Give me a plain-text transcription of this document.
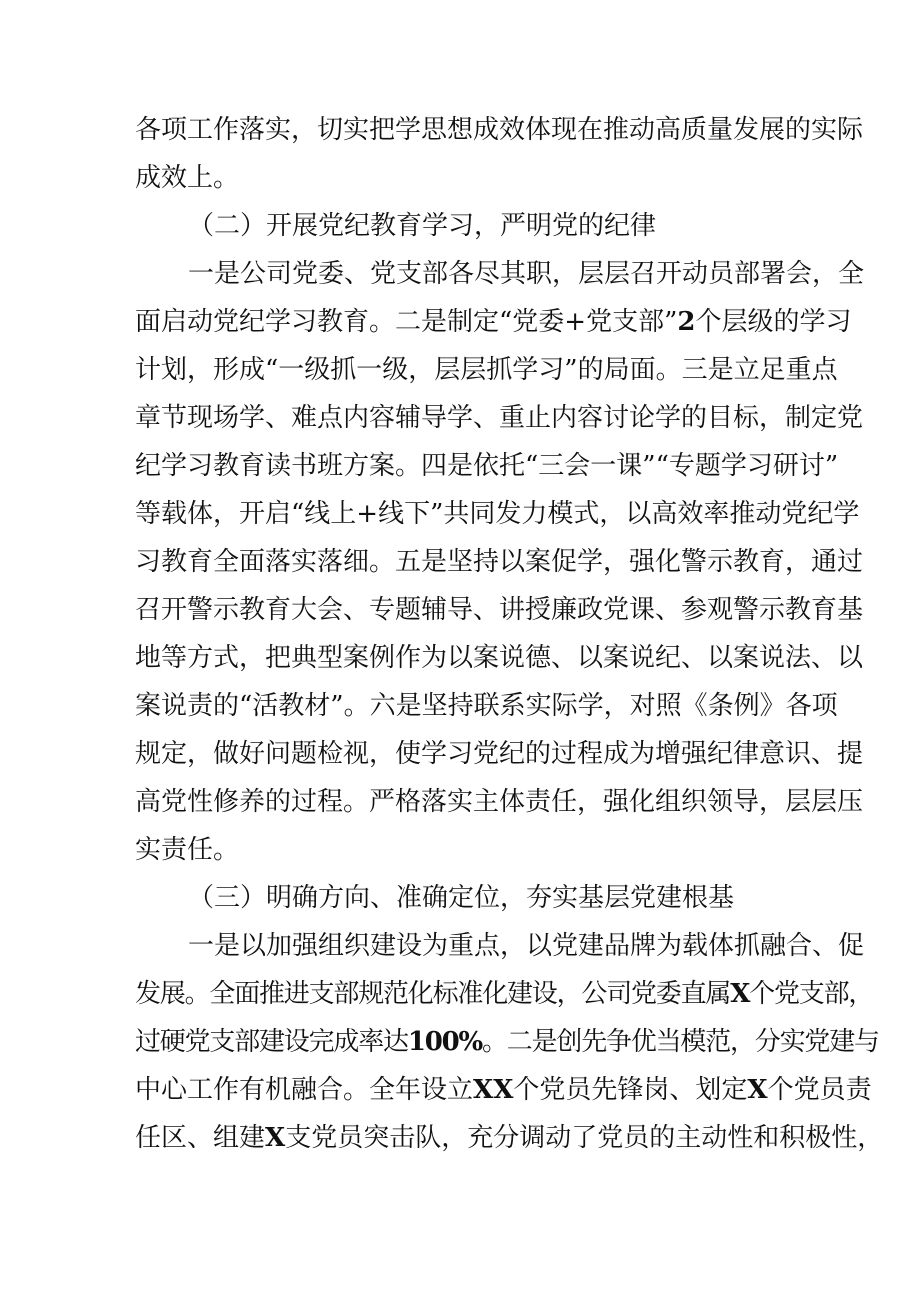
各项工作落实，切实把学思想成效体现在推动高质量发展的实际
成效上。
（二）开展党纪教育学习，严明党的纪律
一是公司党委、党支部各尽其职，层层召开动员部署会，全
面启动党纪学习教育。二是制定“党委+党支部”2个层级的学习
计划，形成“一级抓一级，层层抓学习”的局面。三是立足重点
章节现场学、难点内容辅导学、重止内容讨论学的目标，制定党
纪学习教育读书班方案。四是依托“三会一课”“专题学习研讨”
等载体，开启“线上+线下”共同发力模式，以高效率推动党纪学
习教育全面落实落细。五是坚持以案促学，强化警示教育，通过
召开警示教育大会、专题辅导、讲授廉政党课、参观警示教育基
地等方式，把典型案例作为以案说德、以案说纪、以案说法、以
案说责的“活教材”。六是坚持联系实际学，对照《条例》各项
规定，做好问题检视，使学习党纪的过程成为增强纪律意识、提
高党性修养的过程。严格落实主体责任，强化组织领导，层层压
实责任。
（三）明确方向、准确定位，夯实基层党建根基
一是以加强组织建设为重点，以党建品牌为载体抓融合、促
发展。全面推进支部规范化标准化建设，公司党委直属X个党支部，
过硬党支部建设完成率达100%。二是创先争优当模范，分实党建与
中心工作有机融合。全年设立XX个党员先锋岗、划定X个党员责
任区、组建X支党员突击队，充分调动了党员的主动性和积极性，
